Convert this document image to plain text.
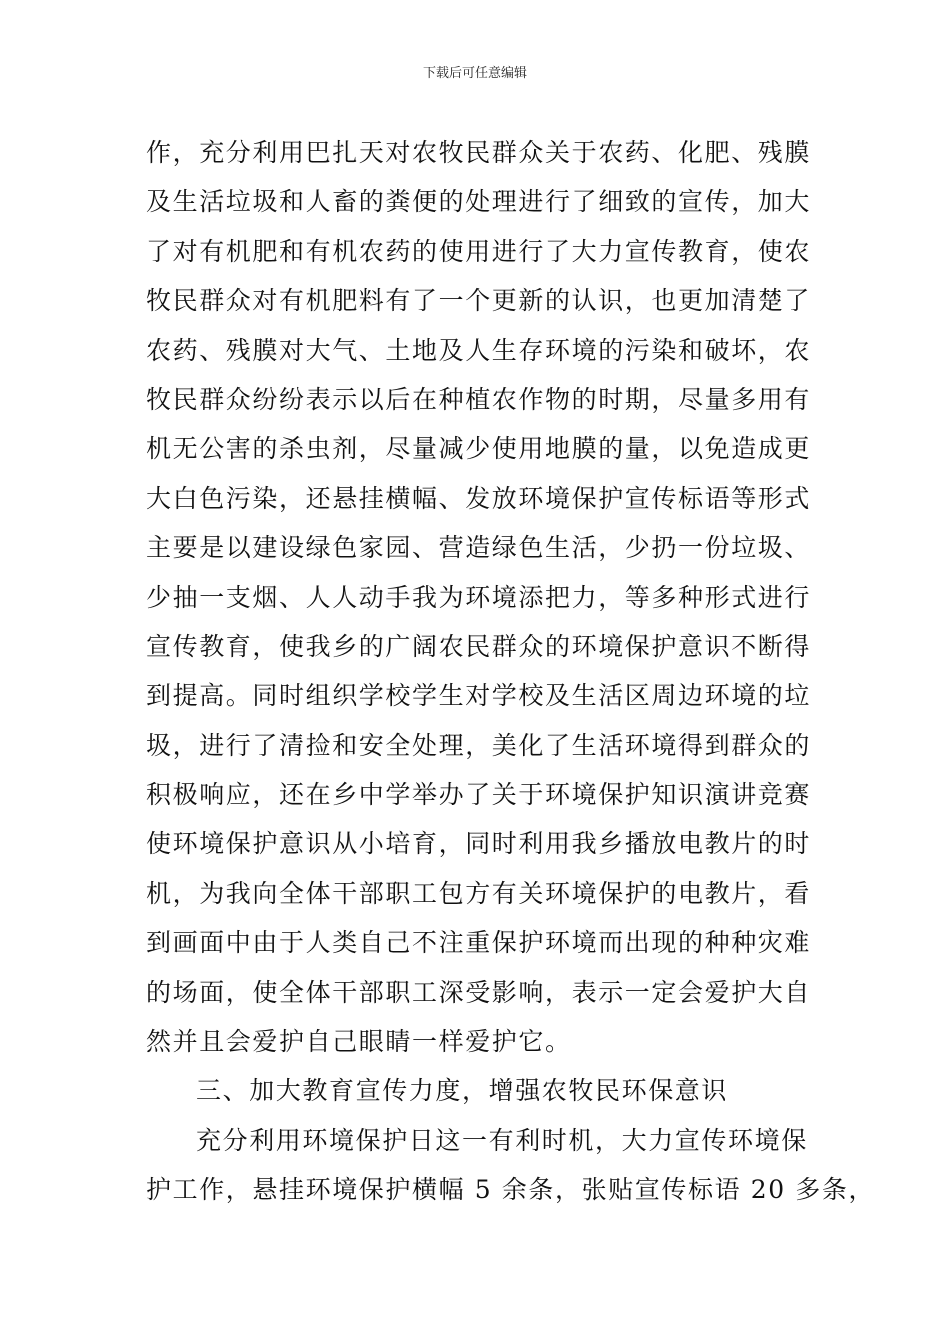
下载后可任意编辑
作，充分利用巴扎天对农牧民群众关于农药、化肥、残膜
及生活垃圾和人畜的粪便的处理进行了细致的宣传，加大
了对有机肥和有机农药的使用进行了大力宣传教育，使农
牧民群众对有机肥料有了一个更新的认识，也更加清楚了
农药、残膜对大气、土地及人生存环境的污染和破坏，农
牧民群众纷纷表示以后在种植农作物的时期，尽量多用有
机无公害的杀虫剂，尽量减少使用地膜的量，以免造成更
大白色污染，还悬挂横幅、发放环境保护宣传标语等形式
主要是以建设绿色家园、营造绿色生活，少扔一份垃圾、
少抽一支烟、人人动手我为环境添把力，等多种形式进行
宣传教育，使我乡的广阔农民群众的环境保护意识不断得
到提高。同时组织学校学生对学校及生活区周边环境的垃
圾，进行了清捡和安全处理，美化了生活环境得到群众的
积极响应，还在乡中学举办了关于环境保护知识演讲竞赛
使环境保护意识从小培育，同时利用我乡播放电教片的时
机，为我向全体干部职工包方有关环境保护的电教片，看
到画面中由于人类自己不注重保护环境而出现的种种灾难
的场面，使全体干部职工深受影响，表示一定会爱护大自
然并且会爱护自己眼睛一样爱护它。
三、加大教育宣传力度，增强农牧民环保意识
充分利用环境保护日这一有利时机，大力宣传环境保
护工作，悬挂环境保护横幅 5 余条，张贴宣传标语 20 多条，
